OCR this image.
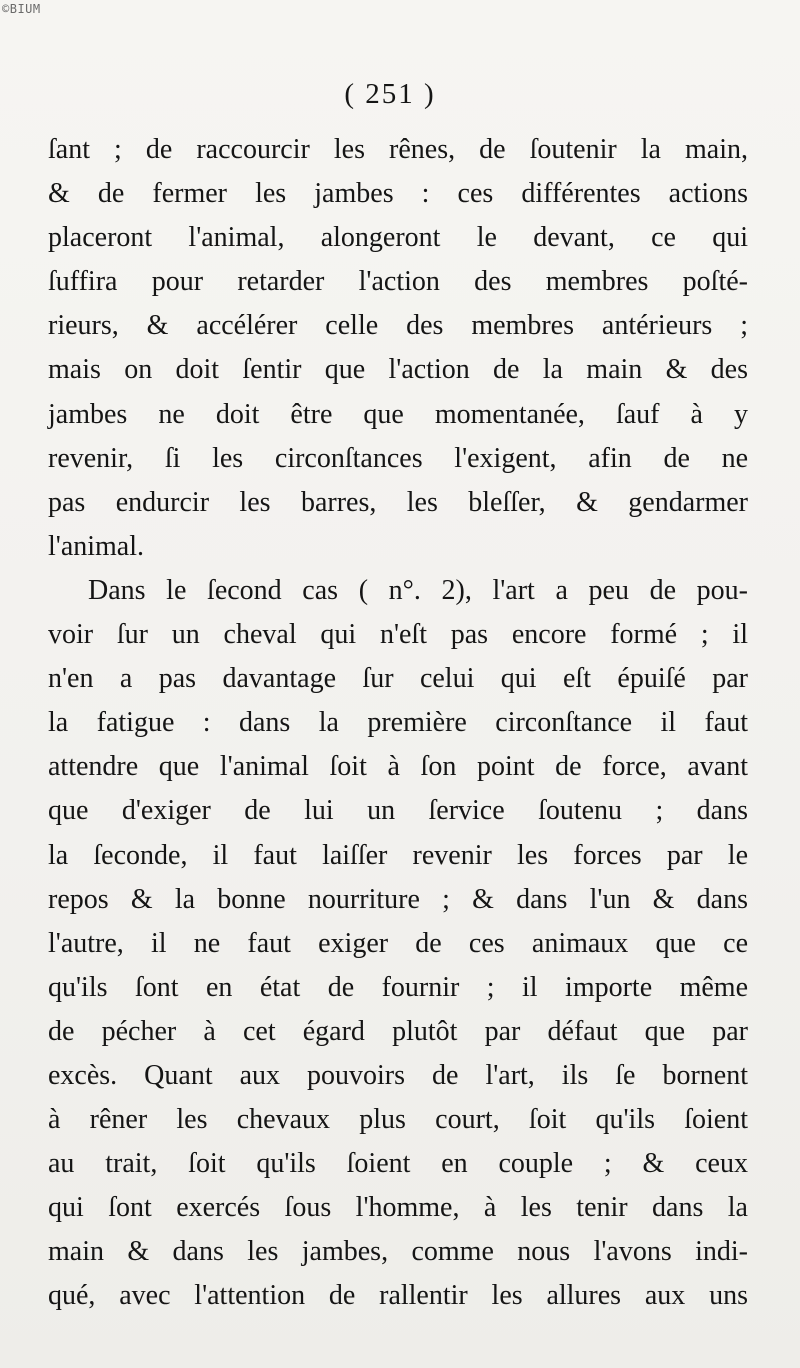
©BIUM
( 251 )
ſant ; de raccourcir les rênes, de ſoutenir la main,
& de fermer les jambes : ces différentes actions
placeront l'animal, alongeront le devant, ce qui
ſuffira pour retarder l'action des membres poſté-
rieurs, & accélérer celle des membres antérieurs ;
mais on doit ſentir que l'action de la main & des
jambes ne doit être que momentanée, ſauf à y
revenir, ſi les circonſtances l'exigent, afin de ne
pas endurcir les barres, les bleſſer, & gendarmer
l'animal.
Dans le ſecond cas ( n°. 2), l'art a peu de pou-
voir ſur un cheval qui n'eſt pas encore formé ; il
n'en a pas davantage ſur celui qui eſt épuiſé par
la fatigue : dans la première circonſtance il faut
attendre que l'animal ſoit à ſon point de force, avant
que d'exiger de lui un ſervice ſoutenu ; dans
la ſeconde, il faut laiſſer revenir les forces par le
repos & la bonne nourriture ; & dans l'un & dans
l'autre, il ne faut exiger de ces animaux que ce
qu'ils ſont en état de fournir ; il importe même
de pécher à cet égard plutôt par défaut que par
excès. Quant aux pouvoirs de l'art, ils ſe bornent
à rêner les chevaux plus court, ſoit qu'ils ſoient
au trait, ſoit qu'ils ſoient en couple ; & ceux
qui ſont exercés ſous l'homme, à les tenir dans la
main & dans les jambes, comme nous l'avons indi-
qué, avec l'attention de rallentir les allures aux uns
